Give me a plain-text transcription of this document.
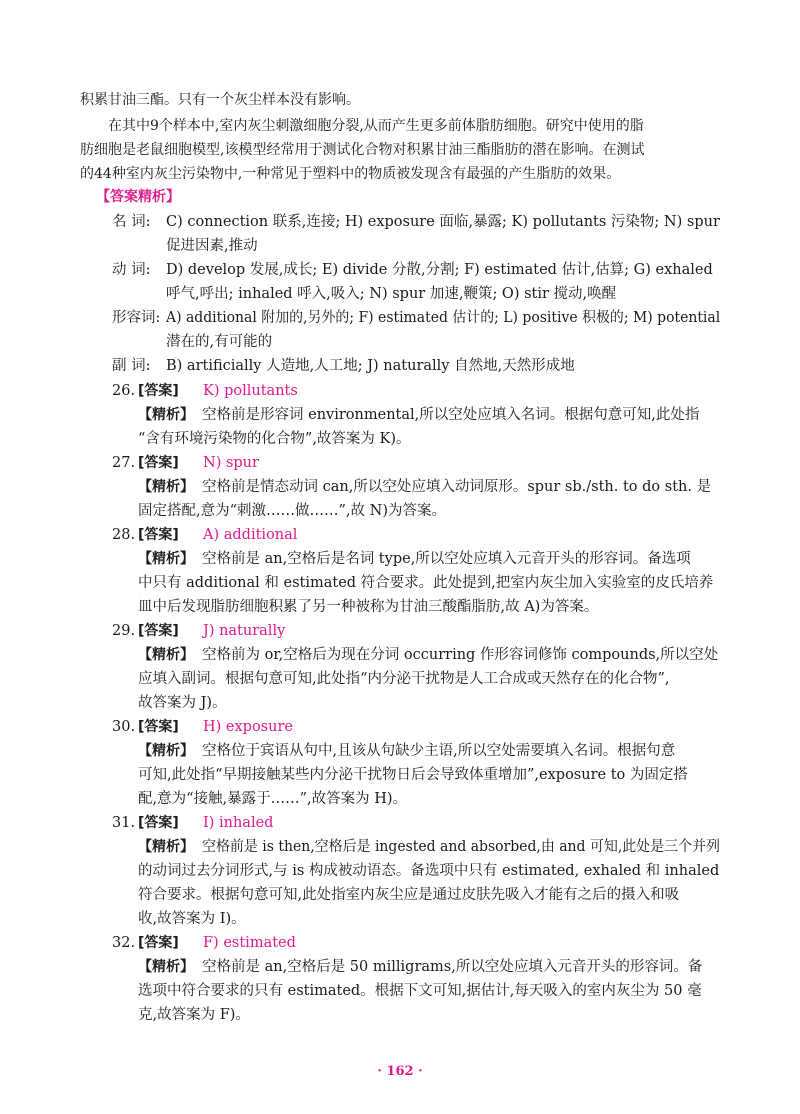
积累甘油三酯。只有一个灰尘样本没有影响。
在其中9个样本中,室内灰尘刺激细胞分裂,从而产生更多前体脂肪细胞。研究中使用的脂
肪细胞是老鼠细胞模型,该模型经常用于测试化合物对积累甘油三酯脂肪的潜在影响。在测试
的44种室内灰尘污染物中,一种常见于塑料中的物质被发现含有最强的产生脂肪的效果。
【答案精析】
名 词: C) connection 联系,连接; H) exposure 面临,暴露; K) pollutants 污染物; N) spur
促进因素,推动
动 词: D) develop 发展,成长; E) divide 分散,分割; F) estimated 估计,估算; G) exhaled
呼气,呼出; inhaled 呼入,吸入; N) spur 加速,鞭策; O) stir 搅动,唤醒
形容词: A) additional 附加的,另外的; F) estimated 估计的; L) positive 积极的; M) potential
潜在的,有可能的
副 词: B) artificially 人造地,人工地; J) naturally 自然地,天然形成地
26. [答案] K) pollutants
【精析】 空格前是形容词 environmental,所以空处应填入名词。根据句意可知,此处指
“含有环境污染物的化合物”,故答案为 K)。
27. [答案] N) spur
【精析】 空格前是情态动词 can,所以空处应填入动词原形。spur sb./sth. to do sth. 是
固定搭配,意为“刺激……做……”,故 N)为答案。
28. [答案] A) additional
【精析】 空格前是 an,空格后是名词 type,所以空处应填入元音开头的形容词。备选项
中只有 additional 和 estimated 符合要求。此处提到,把室内灰尘加入实验室的皮氏培养
皿中后发现脂肪细胞积累了另一种被称为甘油三酸酯脂肪,故 A)为答案。
29. [答案] J) naturally
【精析】 空格前为 or,空格后为现在分词 occurring 作形容词修饰 compounds,所以空处
应填入副词。根据句意可知,此处指“内分泌干扰物是人工合成或天然存在的化合物”,
故答案为 J)。
30. [答案] H) exposure
【精析】 空格位于宾语从句中,且该从句缺少主语,所以空处需要填入名词。根据句意
可知,此处指“早期接触某些内分泌干扰物日后会导致体重增加”,exposure to 为固定搭
配,意为“接触,暴露于……”,故答案为 H)。
31. [答案] I) inhaled
【精析】 空格前是 is then,空格后是 ingested and absorbed,由 and 可知,此处是三个并列
的动词过去分词形式,与 is 构成被动语态。备选项中只有 estimated, exhaled 和 inhaled
符合要求。根据句意可知,此处指室内灰尘应是通过皮肤先吸入才能有之后的摄入和吸
收,故答案为 I)。
32. [答案] F) estimated
【精析】 空格前是 an,空格后是 50 milligrams,所以空处应填入元音开头的形容词。备
选项中符合要求的只有 estimated。根据下文可知,据估计,每天吸入的室内灰尘为 50 毫
克,故答案为 F)。
· 162 ·
